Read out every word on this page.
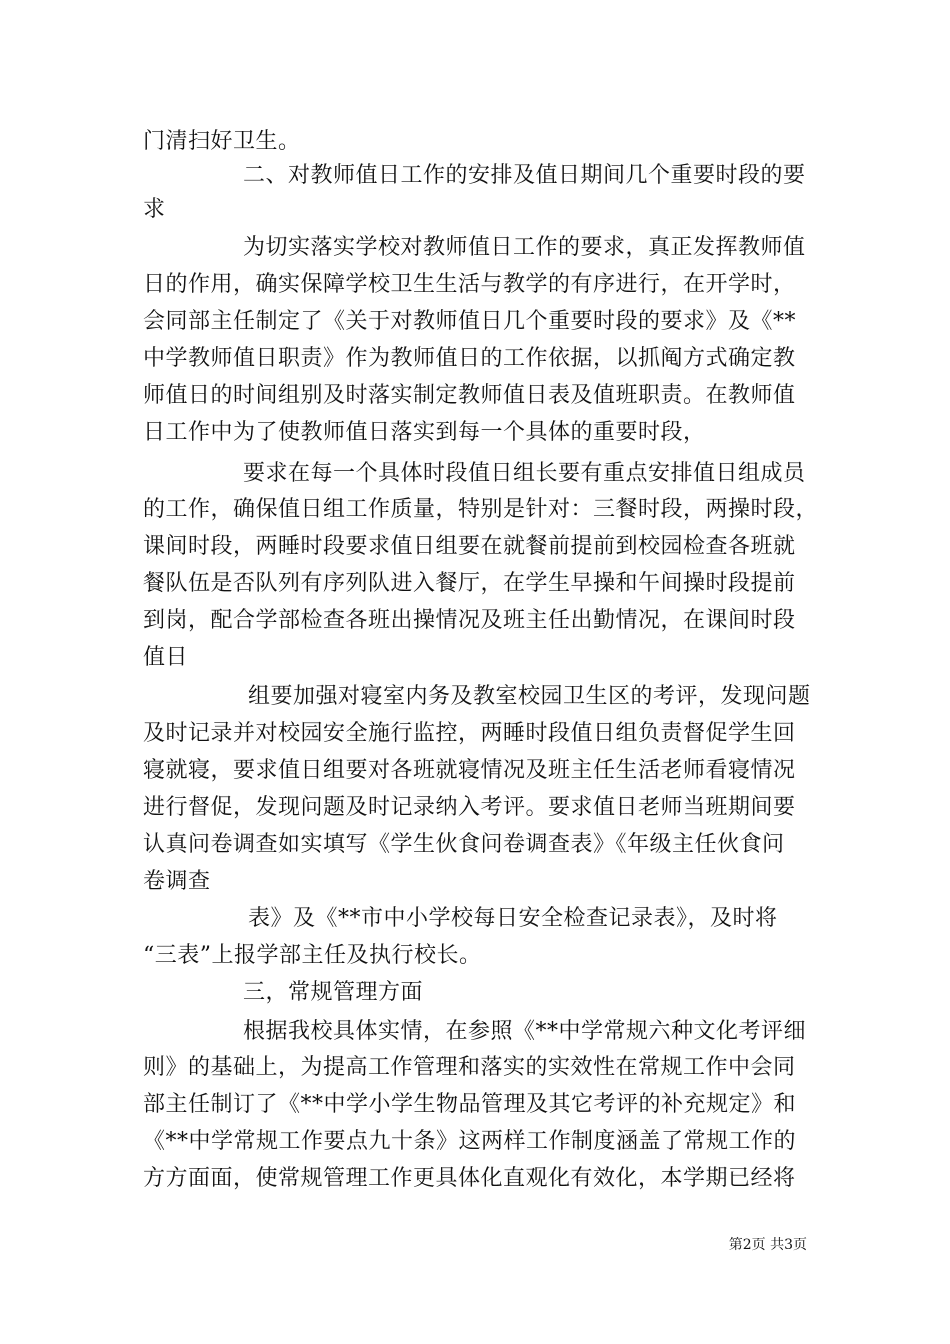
门清扫好卫生。
二、对教师值日工作的安排及值日期间几个重要时段的要
求
为切实落实学校对教师值日工作的要求，真正发挥教师值
日的作用，确实保障学校卫生生活与教学的有序进行，在开学时，
会同部主任制定了《关于对教师值日几个重要时段的要求》及《**
中学教师值日职责》作为教师值日的工作依据，以抓阄方式确定教
师值日的时间组别及时落实制定教师值日表及值班职责。在教师值
日工作中为了使教师值日落实到每一个具体的重要时段，
要求在每一个具体时段值日组长要有重点安排值日组成员
的工作，确保值日组工作质量，特别是针对：三餐时段，两操时段，
课间时段，两睡时段要求值日组要在就餐前提前到校园检查各班就
餐队伍是否队列有序列队进入餐厅，在学生早操和午间操时段提前
到岗，配合学部检查各班出操情况及班主任出勤情况，在课间时段
值日
组要加强对寝室内务及教室校园卫生区的考评，发现问题
及时记录并对校园安全施行监控，两睡时段值日组负责督促学生回
寝就寝，要求值日组要对各班就寝情况及班主任生活老师看寝情况
进行督促，发现问题及时记录纳入考评。要求值日老师当班期间要
认真问卷调查如实填写《学生伙食问卷调查表》《年级主任伙食问
卷调查
表》及《**市中小学校每日安全检查记录表》，及时将
“三表”上报学部主任及执行校长。
三，常规管理方面
根据我校具体实情，在参照《**中学常规六种文化考评细
则》的基础上，为提高工作管理和落实的实效性在常规工作中会同
部主任制订了《**中学小学生物品管理及其它考评的补充规定》和
《**中学常规工作要点九十条》这两样工作制度涵盖了常规工作的
方方面面，使常规管理工作更具体化直观化有效化，本学期已经将
第2页 共3页
